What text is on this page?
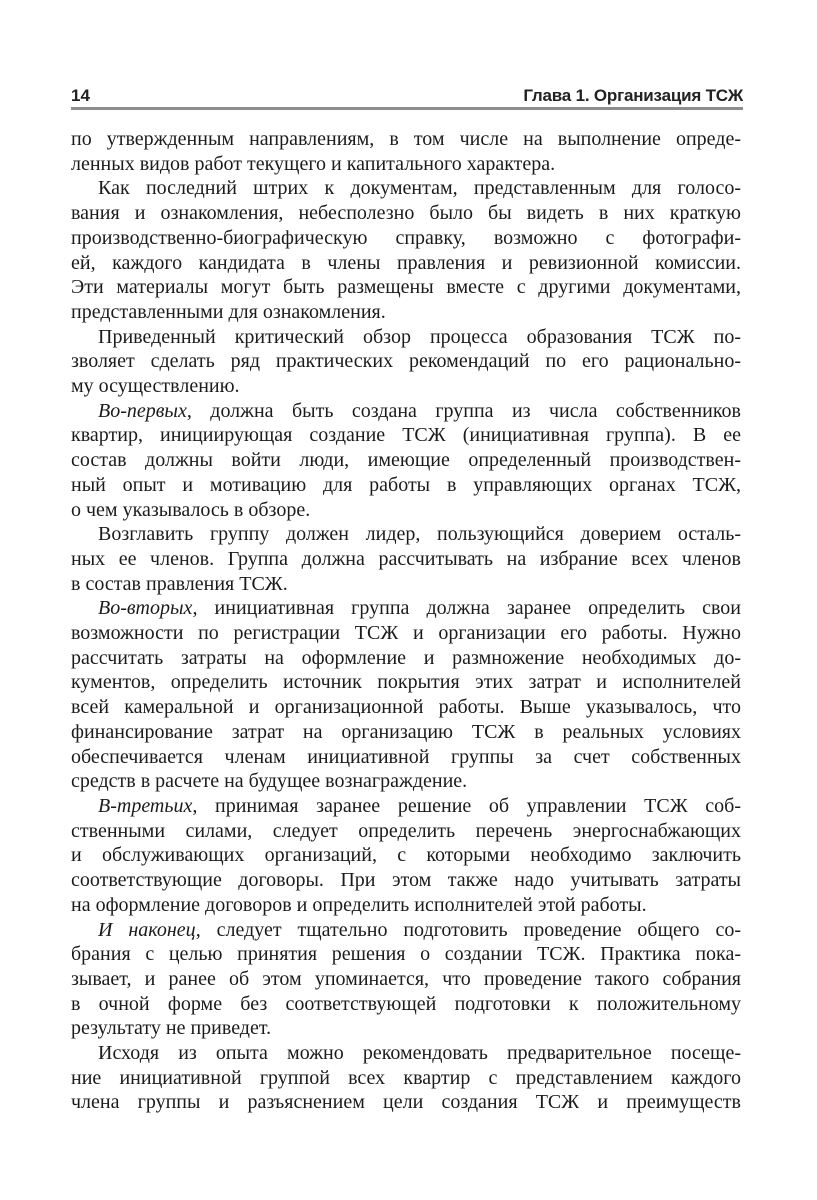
14	Глава 1. Организация ТСЖ

по утвержденным направлениям, в том числе на выполнение опреде-
ленных видов работ текущего и капитального характера.

Как последний штрих к документам, представленным для голосо-
вания и ознакомления, небесполезно было бы видеть в них краткую
производственно-биографическую справку, возможно с фотографи-
ей, каждого кандидата в члены правления и ревизионной комиссии.
Эти материалы могут быть размещены вместе с другими документами,
представленными для ознакомления.

Приведенный критический обзор процесса образования ТСЖ по-
зволяет сделать ряд практических рекомендаций по его рационально-
му осуществлению.

Во-первых, должна быть создана группа из числа собственников
квартир, инициирующая создание ТСЖ (инициативная группа). В ее
состав должны войти люди, имеющие определенный производствен-
ный опыт и мотивацию для работы в управляющих органах ТСЖ,
о чем указывалось в обзоре.

Возглавить группу должен лидер, пользующийся доверием осталь-
ных ее членов. Группа должна рассчитывать на избрание всех членов
в состав правления ТСЖ.

Во-вторых, инициативная группа должна заранее определить свои
возможности по регистрации ТСЖ и организации его работы. Нужно
рассчитать затраты на оформление и размножение необходимых до-
кументов, определить источник покрытия этих затрат и исполнителей
всей камеральной и организационной работы. Выше указывалось, что
финансирование затрат на организацию ТСЖ в реальных условиях
обеспечивается членам инициативной группы за счет собственных
средств в расчете на будущее вознаграждение.

В-третьих, принимая заранее решение об управлении ТСЖ соб-
ственными силами, следует определить перечень энергоснабжающих
и обслуживающих организаций, с которыми необходимо заключить
соответствующие договоры. При этом также надо учитывать затраты
на оформление договоров и определить исполнителей этой работы.

И наконец, следует тщательно подготовить проведение общего со-
брания с целью принятия решения о создании ТСЖ. Практика пока-
зывает, и ранее об этом упоминается, что проведение такого собрания
в очной форме без соответствующей подготовки к положительному
результату не приведет.

Исходя из опыта можно рекомендовать предварительное посеще-
ние инициативной группой всех квартир с представлением каждого
члена группы и разъяснением цели создания ТСЖ и преимуществ
